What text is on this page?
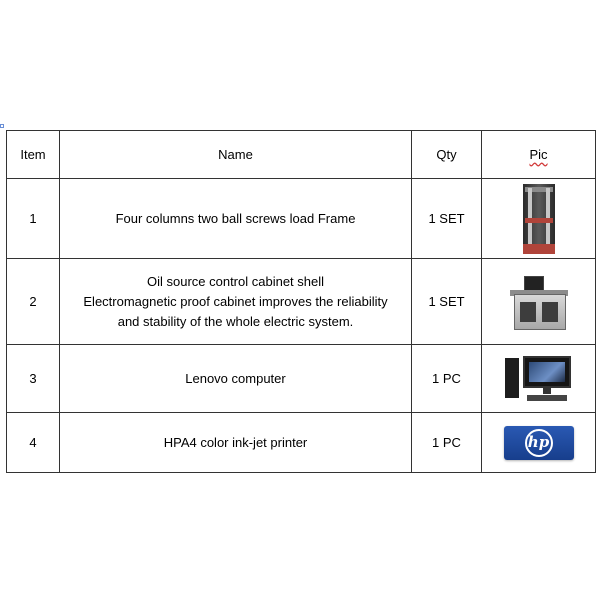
Item	Name	Qty	Pic
1	Four columns two ball screws load Frame	1 SET	

2	Oil source control cabinet shell
Electromagnetic proof cabinet improves the reliability
and stability of the whole electric system.	1 SET	

3	Lenovo computer	1 PC	

4	HPA4 color ink-jet printer	1 PC	hp
